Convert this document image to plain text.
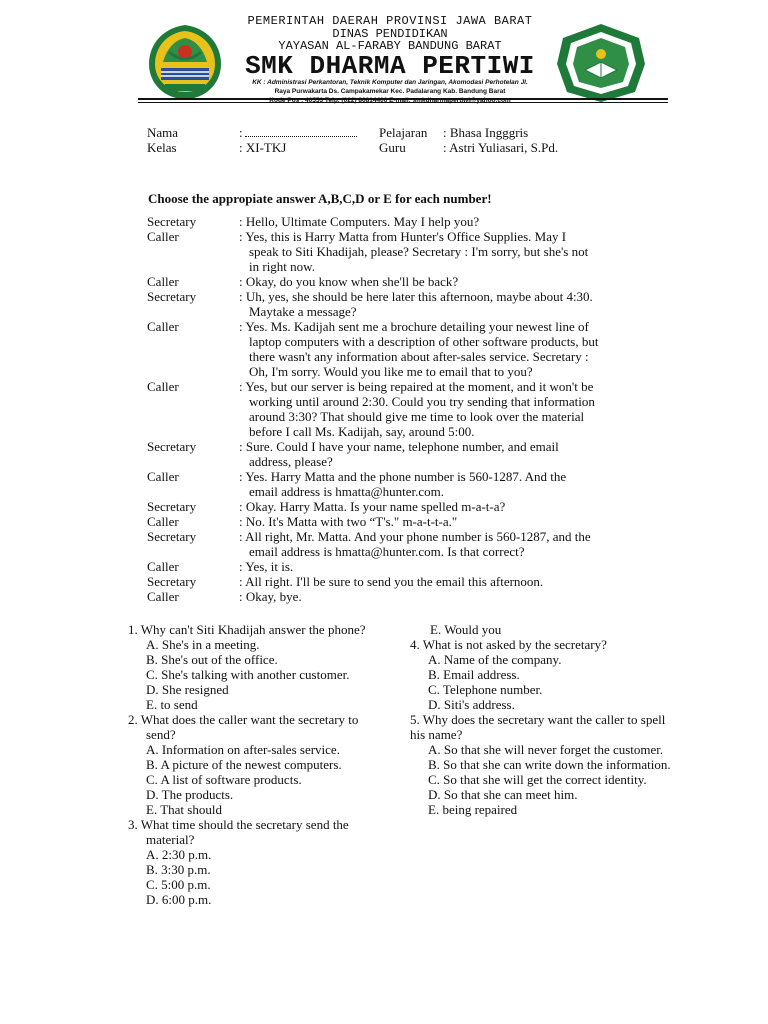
PEMERINTAH DAERAH PROVINSI JAWA BARAT
DINAS PENDIDIKAN
YAYASAN AL-FARABY BANDUNG BARAT
SMK DHARMA PERTIWI
KK : Administrasi Perkantoran, Teknik Komputer dan Jaringan, Akomodasi Perhotelan Jl.
Raya Purwakarta Ds. Campakamekar Kec. Padalarang Kab. Bandung Barat
Kode Pos : 40553 Telp. (022) 86814406 E-mail: smkdharmapertiwi@yahoo.com
Nama	:
Kelas	: XI-TKJ
Pelajaran : Bhasa Ingggris
Guru	: Astri Yuliasari, S.Pd.
Choose the appropiate answer A,B,C,D or E for each number!
Secretary	: Hello, Ultimate Computers. May I help you?
Caller	: Yes, this is Harry Matta from Hunter's Office Supplies. May I
speak to Siti Khadijah, please? Secretary : I'm sorry, but she's not
in right now.
Caller	: Okay, do you know when she'll be back?
Secretary	: Uh, yes, she should be here later this afternoon, maybe about 4:30.
Maytake a message?
Caller	: Yes. Ms. Kadijah sent me a brochure detailing your newest line of
laptop computers with a description of other software products, but
there wasn't any information about after-sales service. Secretary :
Oh, I'm sorry. Would you like me to email that to you?
Caller	: Yes, but our server is being repaired at the moment, and it won't be
working until around 2:30. Could you try sending that information
around 3:30? That should give me time to look over the material
before I call Ms. Kadijah, say, around 5:00.
Secretary	: Sure. Could I have your name, telephone number, and email
address, please?
Caller	: Yes. Harry Matta and the phone number is 560-1287. And the
email address is hmatta@hunter.com.
Secretary	: Okay. Harry Matta. Is your name spelled m-a-t-a?
Caller	: No. It's Matta with two “T's." m-a-t-t-a."
Secretary	: All right, Mr. Matta. And your phone number is 560-1287, and the
email address is hmatta@hunter.com. Is that correct?
Caller	: Yes, it is.
Secretary	: All right. I'll be sure to send you the email this afternoon.
Caller	: Okay, bye.
1. Why can't Siti Khadijah answer the phone?
A. She's in a meeting.
B. She's out of the office.
C. She's talking with another customer.
D. She resigned
E. to send
2. What does the caller want the secretary to send?
A. Information on after-sales service.
B. A picture of the newest computers.
C. A list of software products.
D. The products.
E. That should
3. What time should the secretary send the material?
A. 2:30 p.m.
B. 3:30 p.m.
C. 5:00 p.m.
D. 6:00 p.m.
E. Would you
4. What is not asked by the secretary?
A. Name of the company.
B. Email address.
C. Telephone number.
D. Siti's address.
5. Why does the secretary want the caller to spell
his name?
A. So that she will never forget the customer.
B. So that she can write down the information.
C. So that she will get the correct identity.
D. So that she can meet him.
E. being repaired
